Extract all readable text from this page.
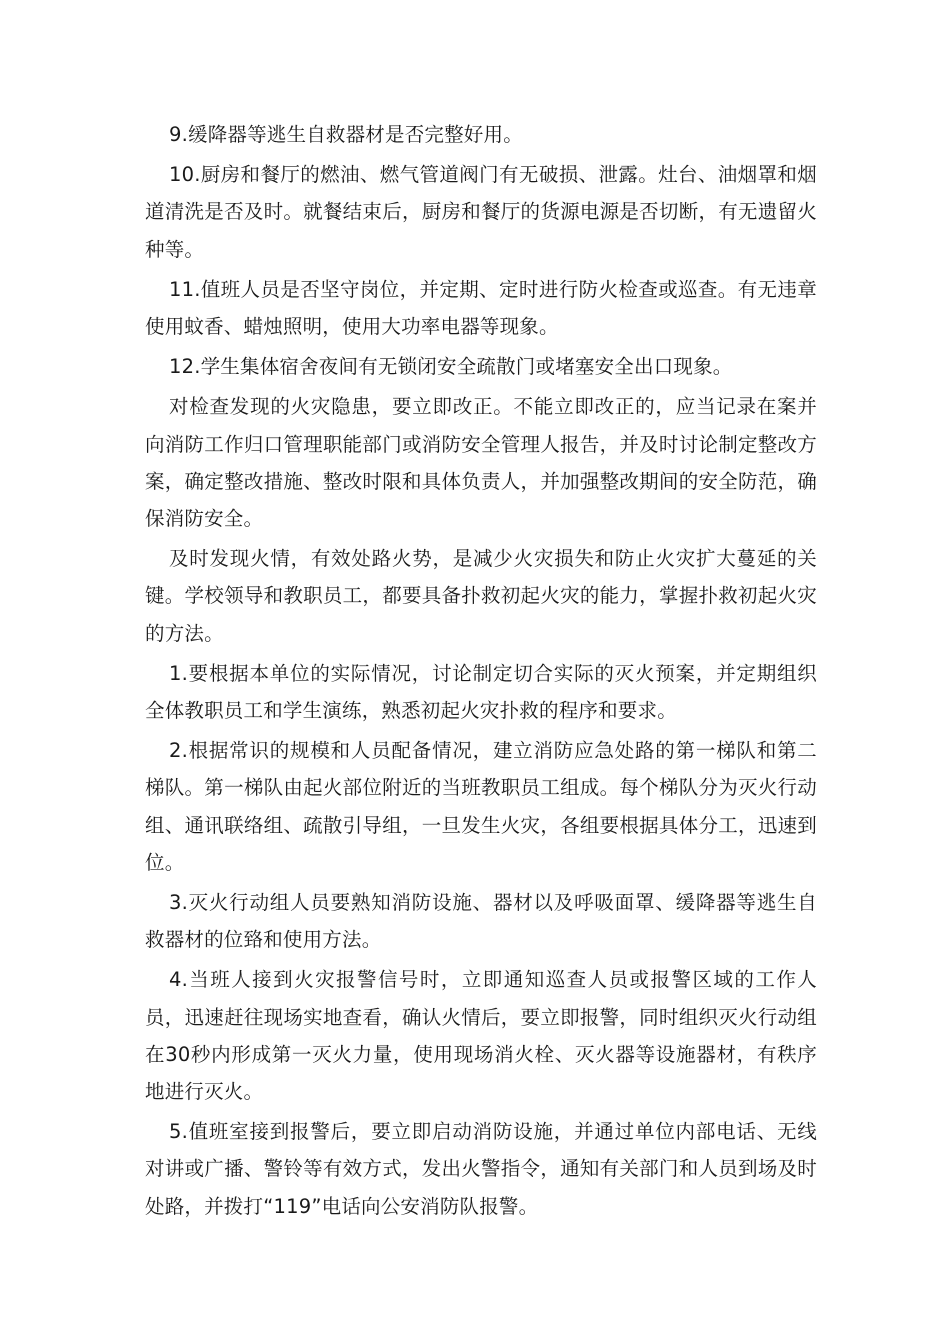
9.缓降器等逃生自救器材是否完整好用。

10.厨房和餐厅的燃油、燃气管道阀门有无破损、泄露。灶台、油烟罩和烟道清洗是否及时。就餐结束后，厨房和餐厅的货源电源是否切断，有无遗留火种等。

11.值班人员是否坚守岗位，并定期、定时进行防火检查或巡查。有无违章使用蚊香、蜡烛照明，使用大功率电器等现象。

12.学生集体宿舍夜间有无锁闭安全疏散门或堵塞安全出口现象。

对检查发现的火灾隐患，要立即改正。不能立即改正的，应当记录在案并向消防工作归口管理职能部门或消防安全管理人报告，并及时讨论制定整改方案，确定整改措施、整改时限和具体负责人，并加强整改期间的安全防范，确保消防安全。

及时发现火情，有效处路火势，是减少火灾损失和防止火灾扩大蔓延的关键。学校领导和教职员工，都要具备扑救初起火灾的能力，掌握扑救初起火灾的方法。

1.要根据本单位的实际情况，讨论制定切合实际的灭火预案，并定期组织全体教职员工和学生演练，熟悉初起火灾扑救的程序和要求。

2.根据常识的规模和人员配备情况，建立消防应急处路的第一梯队和第二梯队。第一梯队由起火部位附近的当班教职员工组成。每个梯队分为灭火行动组、通讯联络组、疏散引导组，一旦发生火灾，各组要根据具体分工，迅速到位。

3.灭火行动组人员要熟知消防设施、器材以及呼吸面罩、缓降器等逃生自救器材的位臵和使用方法。

4.当班人接到火灾报警信号时，立即通知巡查人员或报警区域的工作人员，迅速赶往现场实地查看，确认火情后，要立即报警，同时组织灭火行动组在30秒内形成第一灭火力量，使用现场消火栓、灭火器等设施器材，有秩序地进行灭火。

5.值班室接到报警后，要立即启动消防设施，并通过单位内部电话、无线对讲或广播、警铃等有效方式，发出火警指令，通知有关部门和人员到场及时处路，并拨打“119”电话向公安消防队报警。
